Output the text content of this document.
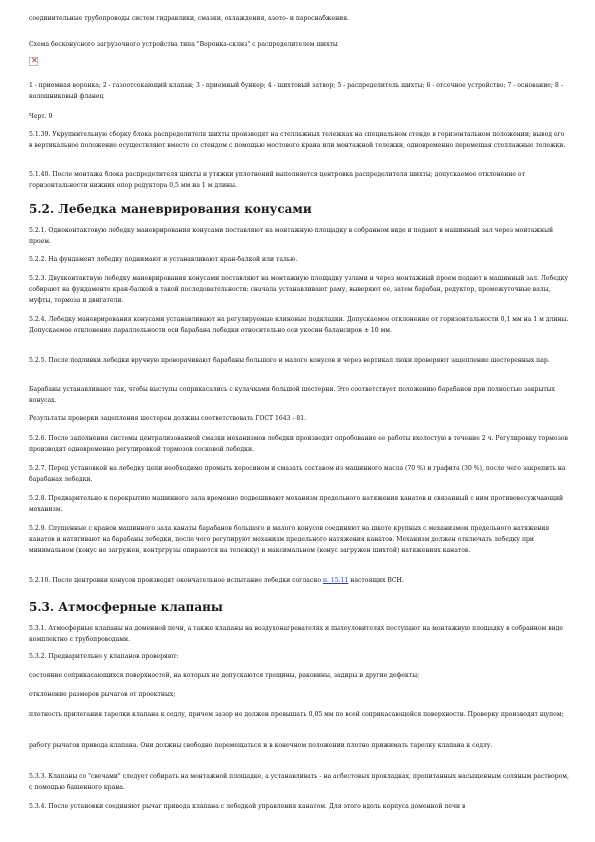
соединительные трубопроводы систем гидравлики, смазки, охлаждения, азото- и пароснабжения.

Схема бесконусного загрузочного устройства типа "Воронка-склиз" с распределителем шихты

✕

1 - приемная воронка; 2 - газоотсекающий клапан; 3 - приемный бункер; 4 - шихтовый затвор; 5 - распределитель шихты; 6 - отсечное устройство; 7 - основание; 8 - колошниковый фланец

Черт. 9

5.1.39. Укрупнительную сборку блока распределителя шихты производят на стеллажных тележках на специальном стенде в горизонтальном положении; вывод его в вертикальное положение осуществляют вместе со стендом с помощью мостового крана или монтажной тележки, одновременно перемещая стеллажные тележки.

5.1.40. После монтажа блока распределителя шихты и утяжки уплотнений выполняется центровка распределителя шихты; допускаемое отклонение от горизонтальности нижних опор редуктора 0,5 мм на 1 м длины.

5.2. Лебедка маневрирования конусами

5.2.1. Одноконтактовую лебедку маневрирования конусами поставляют на монтажную площадку в собранном виде и подают в машинный зал через монтажный проем.

5.2.2. На фундамент лебедку поднимают и устанавливают кран-балкой или талью.

5.2.3. Двухконтактную лебедку маневрирования конусами поставляют на монтажную площадку узлами и через монтажный проем подают в машинный зал. Лебедку собирают на фундаменте кран-балкой в такой последовательности: сначала устанавливают раму, выверяют ее, затем барабан, редуктор, промежуточные валы, муфты, тормоза и двигатели.

5.2.4. Лебедку маневрирования конусами устанавливают на регулируемые клиновые подкладки. Допускаемое отклонение от горизонтальности 0,1 мм на 1 м длины. Допускаемое отклонение параллельности оси барабана лебедки относительно оси укосин балансиров ± 10 мм.

5.2.5. После подливки лебедки вручную проворачивают барабаны большого и малого конусов и через вертикал люки проверяют зацепление шестеренных пар.

Барабаны устанавливают так, чтобы выступы соприкасались с кулачками большой шестерни. Это соответствует положению барабанов при полностью закрытых конусах.

Результаты проверки зацепления шестерен должны соответствовать ГОСТ 1643 - 81.

5.2.6. После заполнения системы централизованной смазки механизмов лебедки производят опробование ее работы вхолостую в течение 2 ч. Регулировку тормозов производят одновременно регулировкой тормозов сосковой лебедки.

5.2.7. Перед установкой на лебедку цепи необходимо промыть керосином и смазать составом из машинного масла (70 %) и графита (30 %), после чего закрепить на барабанах лебедки.

5.2.8. Предварительно к перекрытию машинного зала временно подвешивают механизм предельного натяжения канатов и связанный с ним противовесужчающий механизм.

5.2.9. Спущенные с кранов машинного зала канаты барабанов большого и малого конусов соединяют на шкоте крупных с механизмом предельного натяжения канатов и натягивают на барабаны лебедки, после чего регулируют механизм предельного натяжения канатов. Механизм должен отключать лебедку при минимальном (конус не загружен, контргрузы опираются на тележку) и максимальном (конус загружен шихтой) натяжениях канатов.

5.2.10. После центровки конусов производят окончательное испытание лебедки согласно п. 15.11 настоящих ВСН.

5.3. Атмосферные клапаны

5.3.1. Атмосферные клапаны на доменной печи, а также клапаны на воздухонагревателях и пылеуловителях поступают на монтажную площадку в собранном виде комплектно с трубопроводами.

5.3.2. Предварительно у клапанов проверяют:

состояние соприкасающихся поверхностей, на которых не допускаются трещины, раковины, задиры и другие дефекты;

отклонение размеров рычагов от проектных;

плотность прилегания тарелки клапана к седлу, причем зазор не должен превышать 0,05 мм по всей соприкасающейся поверхности. Проверку производят щупом;

работу рычагов привода клапана. Они должны свободно перемещаться и в конечном положении плотно прижимать тарелку клапана к седлу.

5.3.3. Клапаны со "свечами" следует собирать на монтажной площадке, а устанавливать - на асбестовых прокладках, пропитанных насыщенным соляным раствором, с помощью башенного крана.

5.3.4. После установки соединяют рычаг привода клапана с лебедкой управления канатом. Для этого вдоль корпуса доменной печи в
